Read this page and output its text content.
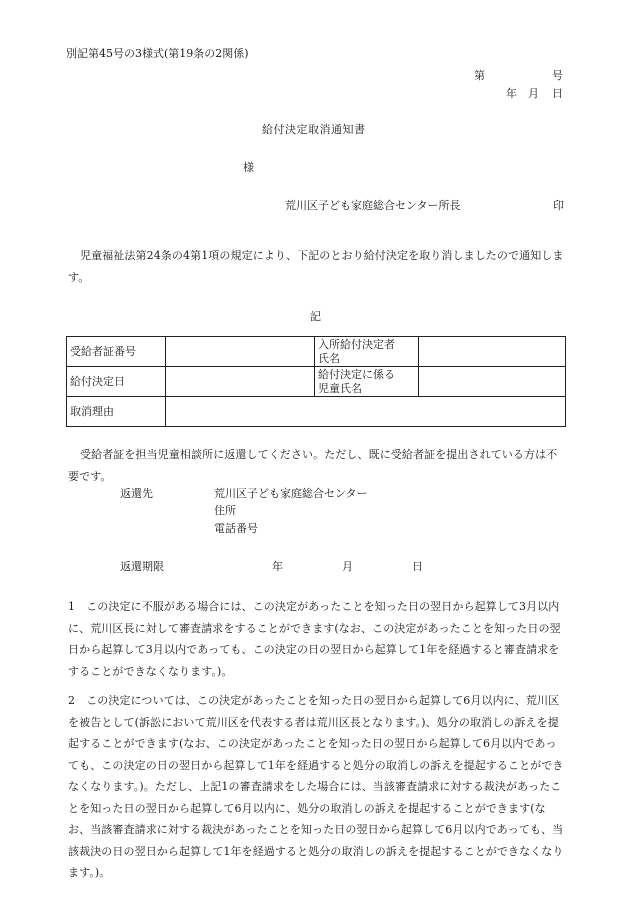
別記第45号の3様式(第19条の2関係)
第	号
年 月 日
給付決定取消通知書
様
荒川区子ども家庭総合センター所長	印
児童福祉法第24条の4第1項の規定により、下記のとおり給付決定を取り消しましたので通知します。
記
受給者証番号		入所給付決定者
氏名	
給付決定日		給付決定に係る
児童氏名	
取消理由			
受給者証を担当児童相談所に返還してください。ただし、既に受給者証を提出されている方は不要です。
返還先	荒川区子ども家庭総合センター
住所
電話番号
返還期限	年	月	日
1　この決定に不服がある場合には、この決定があったことを知った日の翌日から起算して3月以内に、荒川区長に対して審査請求をすることができます(なお、この決定があったことを知った日の翌日から起算して3月以内であっても、この決定の日の翌日から起算して1年を経過すると審査請求をすることができなくなります。)。
2　この決定については、この決定があったことを知った日の翌日から起算して6月以内に、荒川区を被告として(訴訟において荒川区を代表する者は荒川区長となります。)、処分の取消しの訴えを提起することができます(なお、この決定があったことを知った日の翌日から起算して6月以内であっても、この決定の日の翌日から起算して1年を経過すると処分の取消しの訴えを提起することができなくなります。)。ただし、上記1の審査請求をした場合には、当該審査請求に対する裁決があったことを知った日の翌日から起算して6月以内に、処分の取消しの訴えを提起することができます(なお、当該審査請求に対する裁決があったことを知った日の翌日から起算して6月以内であっても、当該裁決の日の翌日から起算して1年を経過すると処分の取消しの訴えを提起することができなくなります。)。
